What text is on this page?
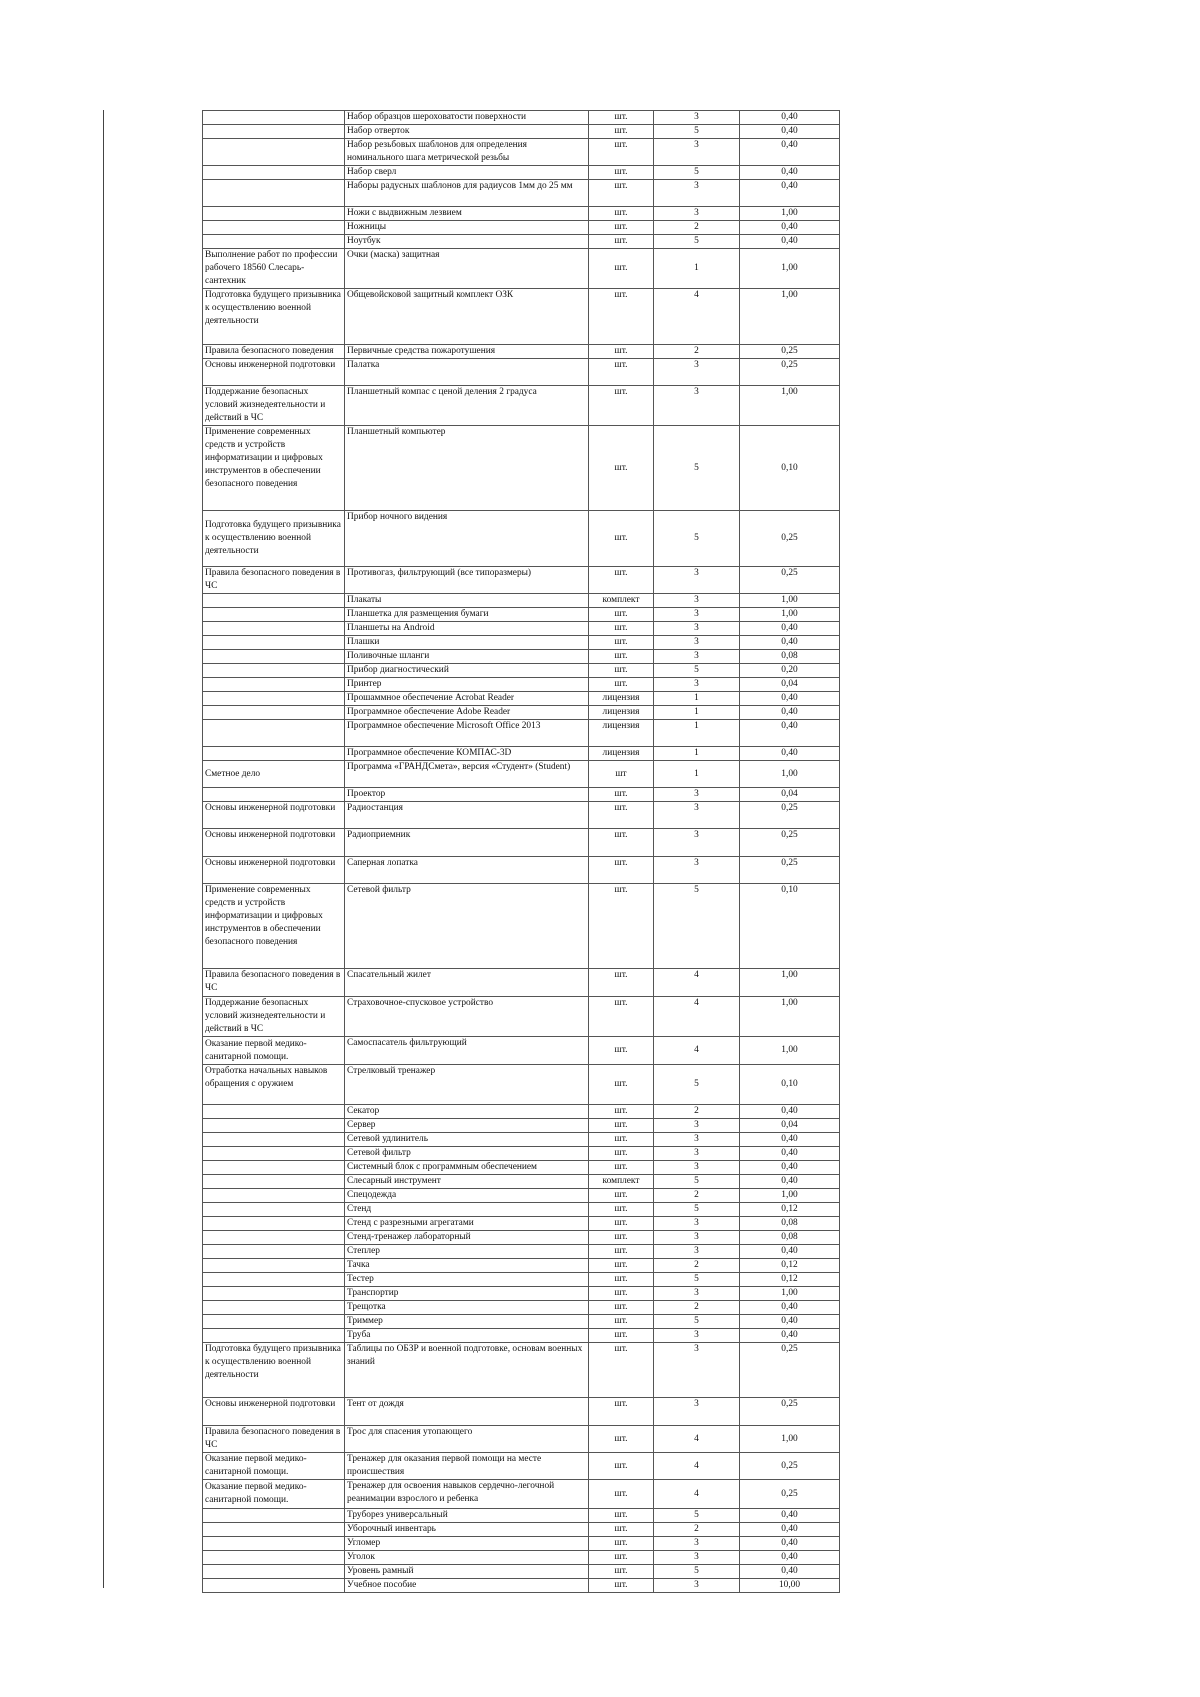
	Набор образцов шероховатости поверхности	шт.	3	0,40
	Набор отверток	шт.	5	0,40
	Набор резьбовых шаблонов для определения номинального шага метрической резьбы	шт.	3	0,40
	Набор сверл	шт.	5	0,40
	Наборы радусных шаблонов для радиусов 1мм до 25 мм	шт.	3	0,40
	Ножи с выдвижным лезвием	шт.	3	1,00
	Ножницы	шт.	2	0,40
	Ноутбук	шт.	5	0,40
Выполнение работ по профессии рабочего 18560 Слесарь-сантехник	Очки (маска) защитная	шт.	1	1,00
Подготовка будущего призывника к осуществлению военной деятельности	Общевойсковой защитный комплект ОЗК	шт.	4	1,00
Правила безопасного поведения	Первичные средства пожаротушения	шт.	2	0,25
Основы инженерной подготовки	Палатка	шт.	3	0,25
Поддержание безопасных условий жизнедеятельности и действий в ЧС	Планшетный компас с ценой деления 2 градуса	шт.	3	1,00
Применение современных средств и устройств информатизации и цифровых инструментов в обеспечении безопасного поведения	Планшетный компьютер	шт.	5	0,10
Подготовка будущего призывника к осуществлению военной деятельности	Прибор ночного видения	шт.	5	0,25
Правила безопасного поведения в ЧС	Противогаз, фильтрующий (все типоразмеры)	шт.	3	0,25
	Плакаты	комплект	3	1,00
	Планшетка для размещения бумаги	шт.	3	1,00
	Планшеты на Android	шт.	3	0,40
	Плашки	шт.	3	0,40
	Поливочные шланги	шт.	3	0,08
	Прибор диагностический	шт.	5	0,20
	Принтер	шт.	3	0,04
	Прошаммное обеспечение Acrobat Reader	лицензия	1	0,40
	Программное обеспечение Adobe Reader	лицензия	1	0,40
	Программное обеспечение Microsoft Office 2013	лицензия	1	0,40
	Программное обеспечение КОМПАС-3D	лицензия	1	0,40
Сметное дело	Программа «ГРАНДСмета», версия «Студент» (Student)	шт	1	1,00
	Проектор	шт.	3	0,04
Основы инженерной подготовки	Радиостанция	шт.	3	0,25
Основы инженерной подготовки	Радиоприемник	шт.	3	0,25
Основы инженерной подготовки	Саперная лопатка	шт.	3	0,25
Применение современных средств и устройств информатизации и цифровых инструментов в обеспечении безопасного поведения	Сетевой фильтр	шт.	5	0,10
Правила безопасного поведения в ЧС	Спасательный жилет	шт.	4	1,00
Поддержание безопасных условий жизнедеятельности и действий в ЧС	Страховочное-спусковое устройство	шт.	4	1,00
Оказание первой медико-санитарной помощи.	Самоспасатель фильтрующий	шт.	4	1,00
Отработка начальных навыков обращения с оружием	Стрелковый тренажер	шт.	5	0,10
	Секатор	шт.	2	0,40
	Сервер	шт.	3	0,04
	Сетевой удлинитель	шт.	3	0,40
	Сетевой фильтр	шт.	3	0,40
	Системный блок с программным обеспечением	шт.	3	0,40
	Слесарный инструмент	комплект	5	0,40
	Спецодежда	шт.	2	1,00
	Стенд	шт.	5	0,12
	Стенд с разрезными агрегатами	шт.	3	0,08
	Стенд-тренажер лабораторный	шт.	3	0,08
	Степлер	шт.	3	0,40
	Тачка	шт.	2	0,12
	Тестер	шт.	5	0,12
	Транспортир	шт.	3	1,00
	Трещотка	шт.	2	0,40
	Триммер	шт.	5	0,40
	Труба	шт.	3	0,40
Подготовка будущего призывника к осуществлению военной деятельности	Таблицы по ОБЗР и военной подготовке, основам военных знаний	шт.	3	0,25
Основы инженерной подготовки	Тент от дождя	шт.	3	0,25
Правила безопасного поведения в ЧС	Трос для спасения утопающего	шт.	4	1,00
Оказание первой медико-санитарной помощи.	Тренажер для оказания первой помощи на месте происшествия	шт.	4	0,25
Оказание первой медико-санитарной помощи.	Тренажер для освоения навыков сердечно-легочной реанимации взрослого и ребенка	шт.	4	0,25
	Труборез универсальный	шт.	5	0,40
	Уборочный инвентарь	шт.	2	0,40
	Угломер	шт.	3	0,40
	Уголок	шт.	3	0,40
	Уровень рамный	шт.	5	0,40
	Учебное пособие	шт.	3	10,00
